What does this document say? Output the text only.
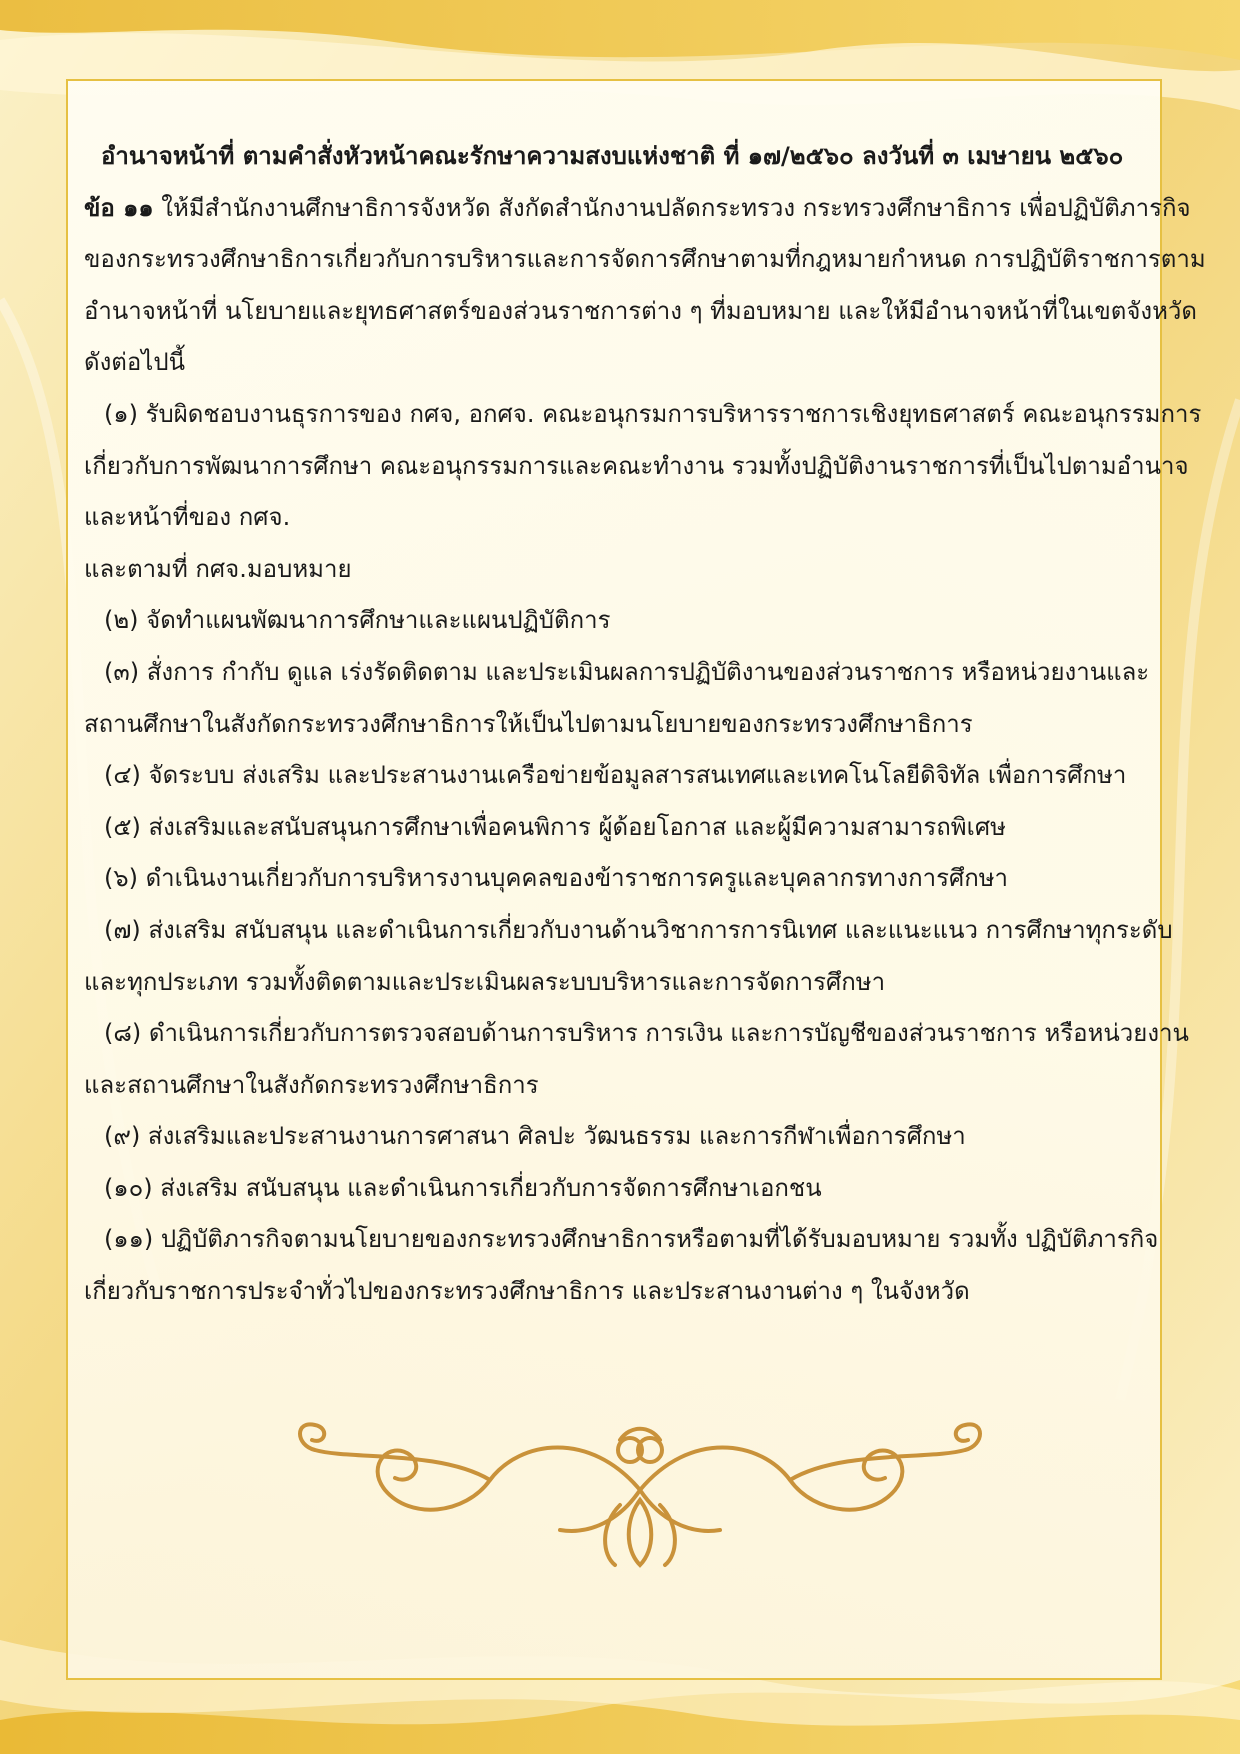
อำนาจหน้าที่ ตามคำสั่งหัวหน้าคณะรักษาความสงบแห่งชาติ ที่ ๑๗/๒๕๖๐ ลงวันที่ ๓ เมษายน ๒๕๖๐
ข้อ ๑๑ ให้มีสำนักงานศึกษาธิการจังหวัด สังกัดสำนักงานปลัดกระทรวง กระทรวงศึกษาธิการ เพื่อปฏิบัติภารกิจ
ของกระทรวงศึกษาธิการเกี่ยวกับการบริหารและการจัดการศึกษาตามที่กฎหมายกำหนด การปฏิบัติราชการตาม
อำนาจหน้าที่ นโยบายและยุทธศาสตร์ของส่วนราชการต่าง ๆ ที่มอบหมาย และให้มีอำนาจหน้าที่ในเขตจังหวัด
ดังต่อไปนี้
(๑) รับผิดชอบงานธุรการของ กศจ, อกศจ. คณะอนุกรมการบริหารราชการเชิงยุทธศาสตร์ คณะอนุกรรมการ
เกี่ยวกับการพัฒนาการศึกษา คณะอนุกรรมการและคณะทำงาน รวมทั้งปฏิบัติงานราชการที่เป็นไปตามอำนาจ
และหน้าที่ของ กศจ.
และตามที่ กศจ.มอบหมาย
(๒) จัดทำแผนพัฒนาการศึกษาและแผนปฏิบัติการ
(๓) สั่งการ กำกับ ดูแล เร่งรัดติดตาม และประเมินผลการปฏิบัติงานของส่วนราชการ หรือหน่วยงานและ
สถานศึกษาในสังกัดกระทรวงศึกษาธิการให้เป็นไปตามนโยบายของกระทรวงศึกษาธิการ
(๔) จัดระบบ ส่งเสริม และประสานงานเครือข่ายข้อมูลสารสนเทศและเทคโนโลยีดิจิทัล เพื่อการศึกษา
(๕) ส่งเสริมและสนับสนุนการศึกษาเพื่อคนพิการ ผู้ด้อยโอกาส และผู้มีความสามารถพิเศษ
(๖) ดำเนินงานเกี่ยวกับการบริหารงานบุคคลของข้าราชการครูและบุคลากรทางการศึกษา
(๗) ส่งเสริม สนับสนุน และดำเนินการเกี่ยวกับงานด้านวิชาการการนิเทศ และแนะแนว การศึกษาทุกระดับ
และทุกประเภท รวมทั้งติดตามและประเมินผลระบบบริหารและการจัดการศึกษา
(๘) ดำเนินการเกี่ยวกับการตรวจสอบด้านการบริหาร การเงิน และการบัญชีของส่วนราชการ หรือหน่วยงาน
และสถานศึกษาในสังกัดกระทรวงศึกษาธิการ
(๙) ส่งเสริมและประสานงานการศาสนา ศิลปะ วัฒนธรรม และการกีฬาเพื่อการศึกษา
(๑๐) ส่งเสริม สนับสนุน และดำเนินการเกี่ยวกับการจัดการศึกษาเอกชน
(๑๑) ปฏิบัติภารกิจตามนโยบายของกระทรวงศึกษาธิการหรือตามที่ได้รับมอบหมาย รวมทั้ง ปฏิบัติภารกิจ
เกี่ยวกับราชการประจำทั่วไปของกระทรวงศึกษาธิการ และประสานงานต่าง ๆ ในจังหวัด
